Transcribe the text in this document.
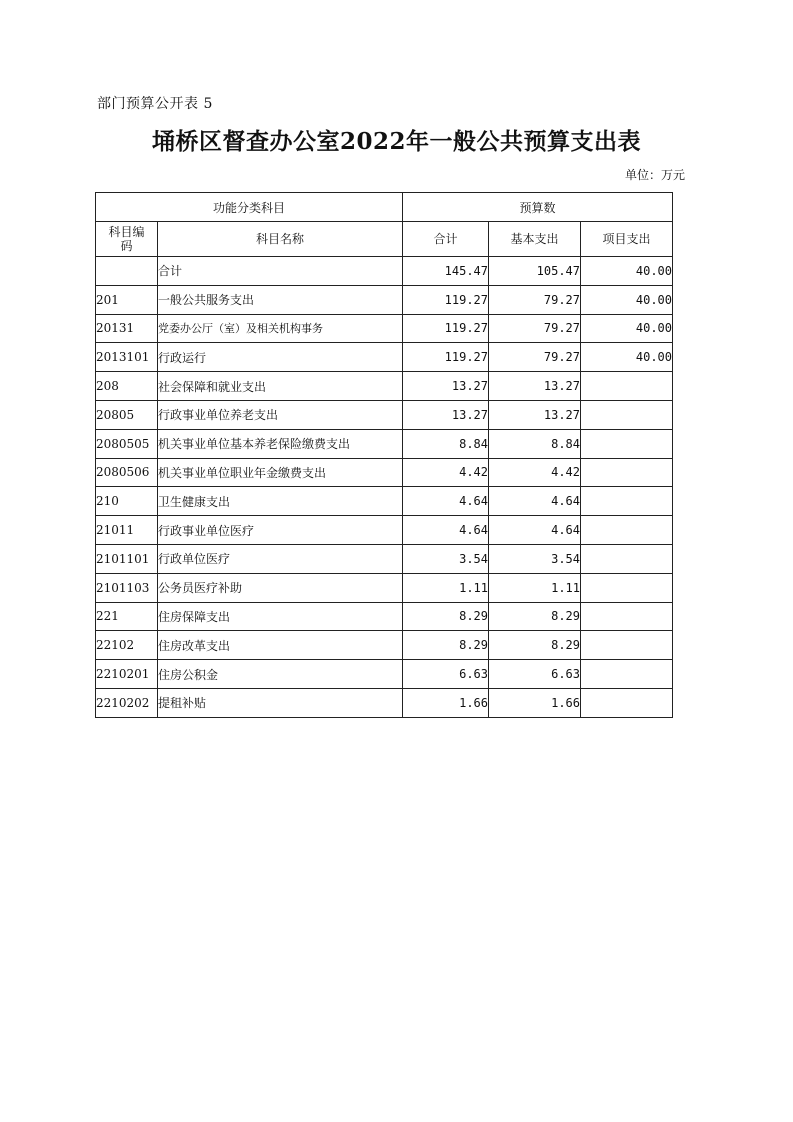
部门预算公开表 5
埇桥区督查办公室2022年一般公共预算支出表
单位：万元
功能分类科目		预算数		
科目编码	科目名称	合计	基本支出	项目支出
	合计	145.47	105.47	40.00
201	一般公共服务支出	119.27	79.27	40.00
20131	党委办公厅（室）及相关机构事务	119.27	79.27	40.00
2013101	行政运行	119.27	79.27	40.00
208	社会保障和就业支出	13.27	13.27	
20805	行政事业单位养老支出	13.27	13.27	
2080505	机关事业单位基本养老保险缴费支出	8.84	8.84	
2080506	机关事业单位职业年金缴费支出	4.42	4.42	
210	卫生健康支出	4.64	4.64	
21011	行政事业单位医疗	4.64	4.64	
2101101	行政单位医疗	3.54	3.54	
2101103	公务员医疗补助	1.11	1.11	
221	住房保障支出	8.29	8.29	
22102	住房改革支出	8.29	8.29	
2210201	住房公积金	6.63	6.63	
2210202	提租补贴	1.66	1.66	
